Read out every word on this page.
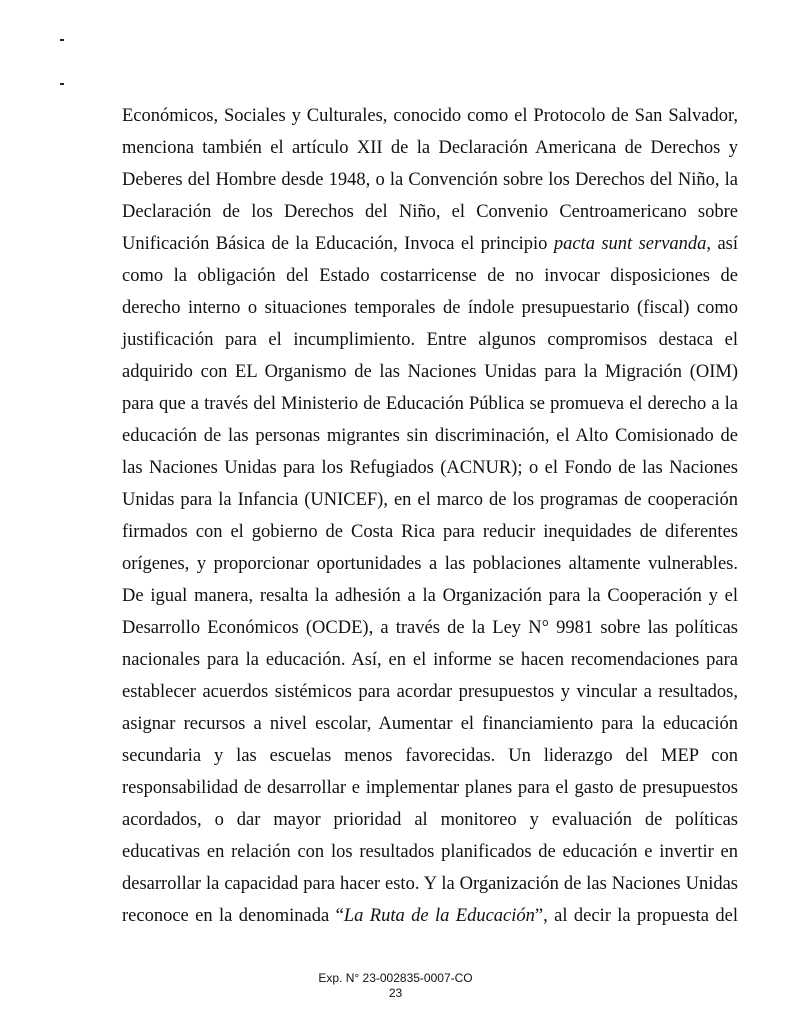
Económicos, Sociales y Culturales, conocido como el Protocolo de San Salvador,
menciona también el artículo XII de la Declaración Americana de Derechos y
Deberes del Hombre desde 1948, o la Convención sobre los Derechos del Niño, la
Declaración de los Derechos del Niño, el Convenio Centroamericano sobre
Unificación Básica de la Educación, Invoca el principio pacta sunt servanda, así
como la obligación del Estado costarricense de no invocar disposiciones de
derecho interno o situaciones temporales de índole presupuestario (fiscal) como
justificación para el incumplimiento. Entre algunos compromisos destaca el
adquirido con EL Organismo de las Naciones Unidas para la Migración (OIM)
para que a través del Ministerio de Educación Pública se promueva el derecho a la
educación de las personas migrantes sin discriminación, el Alto Comisionado de
las Naciones Unidas para los Refugiados (ACNUR); o el Fondo de las Naciones
Unidas para la Infancia (UNICEF), en el marco de los programas de cooperación
firmados con el gobierno de Costa Rica para reducir inequidades de diferentes
orígenes, y proporcionar oportunidades a las poblaciones altamente vulnerables.
De igual manera, resalta la adhesión a la Organización para la Cooperación y el
Desarrollo Económicos (OCDE), a través de la Ley N° 9981 sobre las políticas
nacionales para la educación. Así, en el informe se hacen recomendaciones para
establecer acuerdos sistémicos para acordar presupuestos y vincular a resultados,
asignar recursos a nivel escolar, Aumentar el financiamiento para la educación
secundaria y las escuelas menos favorecidas. Un liderazgo del MEP con
responsabilidad de desarrollar e implementar planes para el gasto de presupuestos
acordados, o dar mayor prioridad al monitoreo y evaluación de políticas
educativas en relación con los resultados planificados de educación e invertir en
desarrollar la capacidad para hacer esto. Y la Organización de las Naciones Unidas
reconoce en la denominada “La Ruta de la Educación”, al decir la propuesta del
Exp. N° 23-002835-0007-CO
23
